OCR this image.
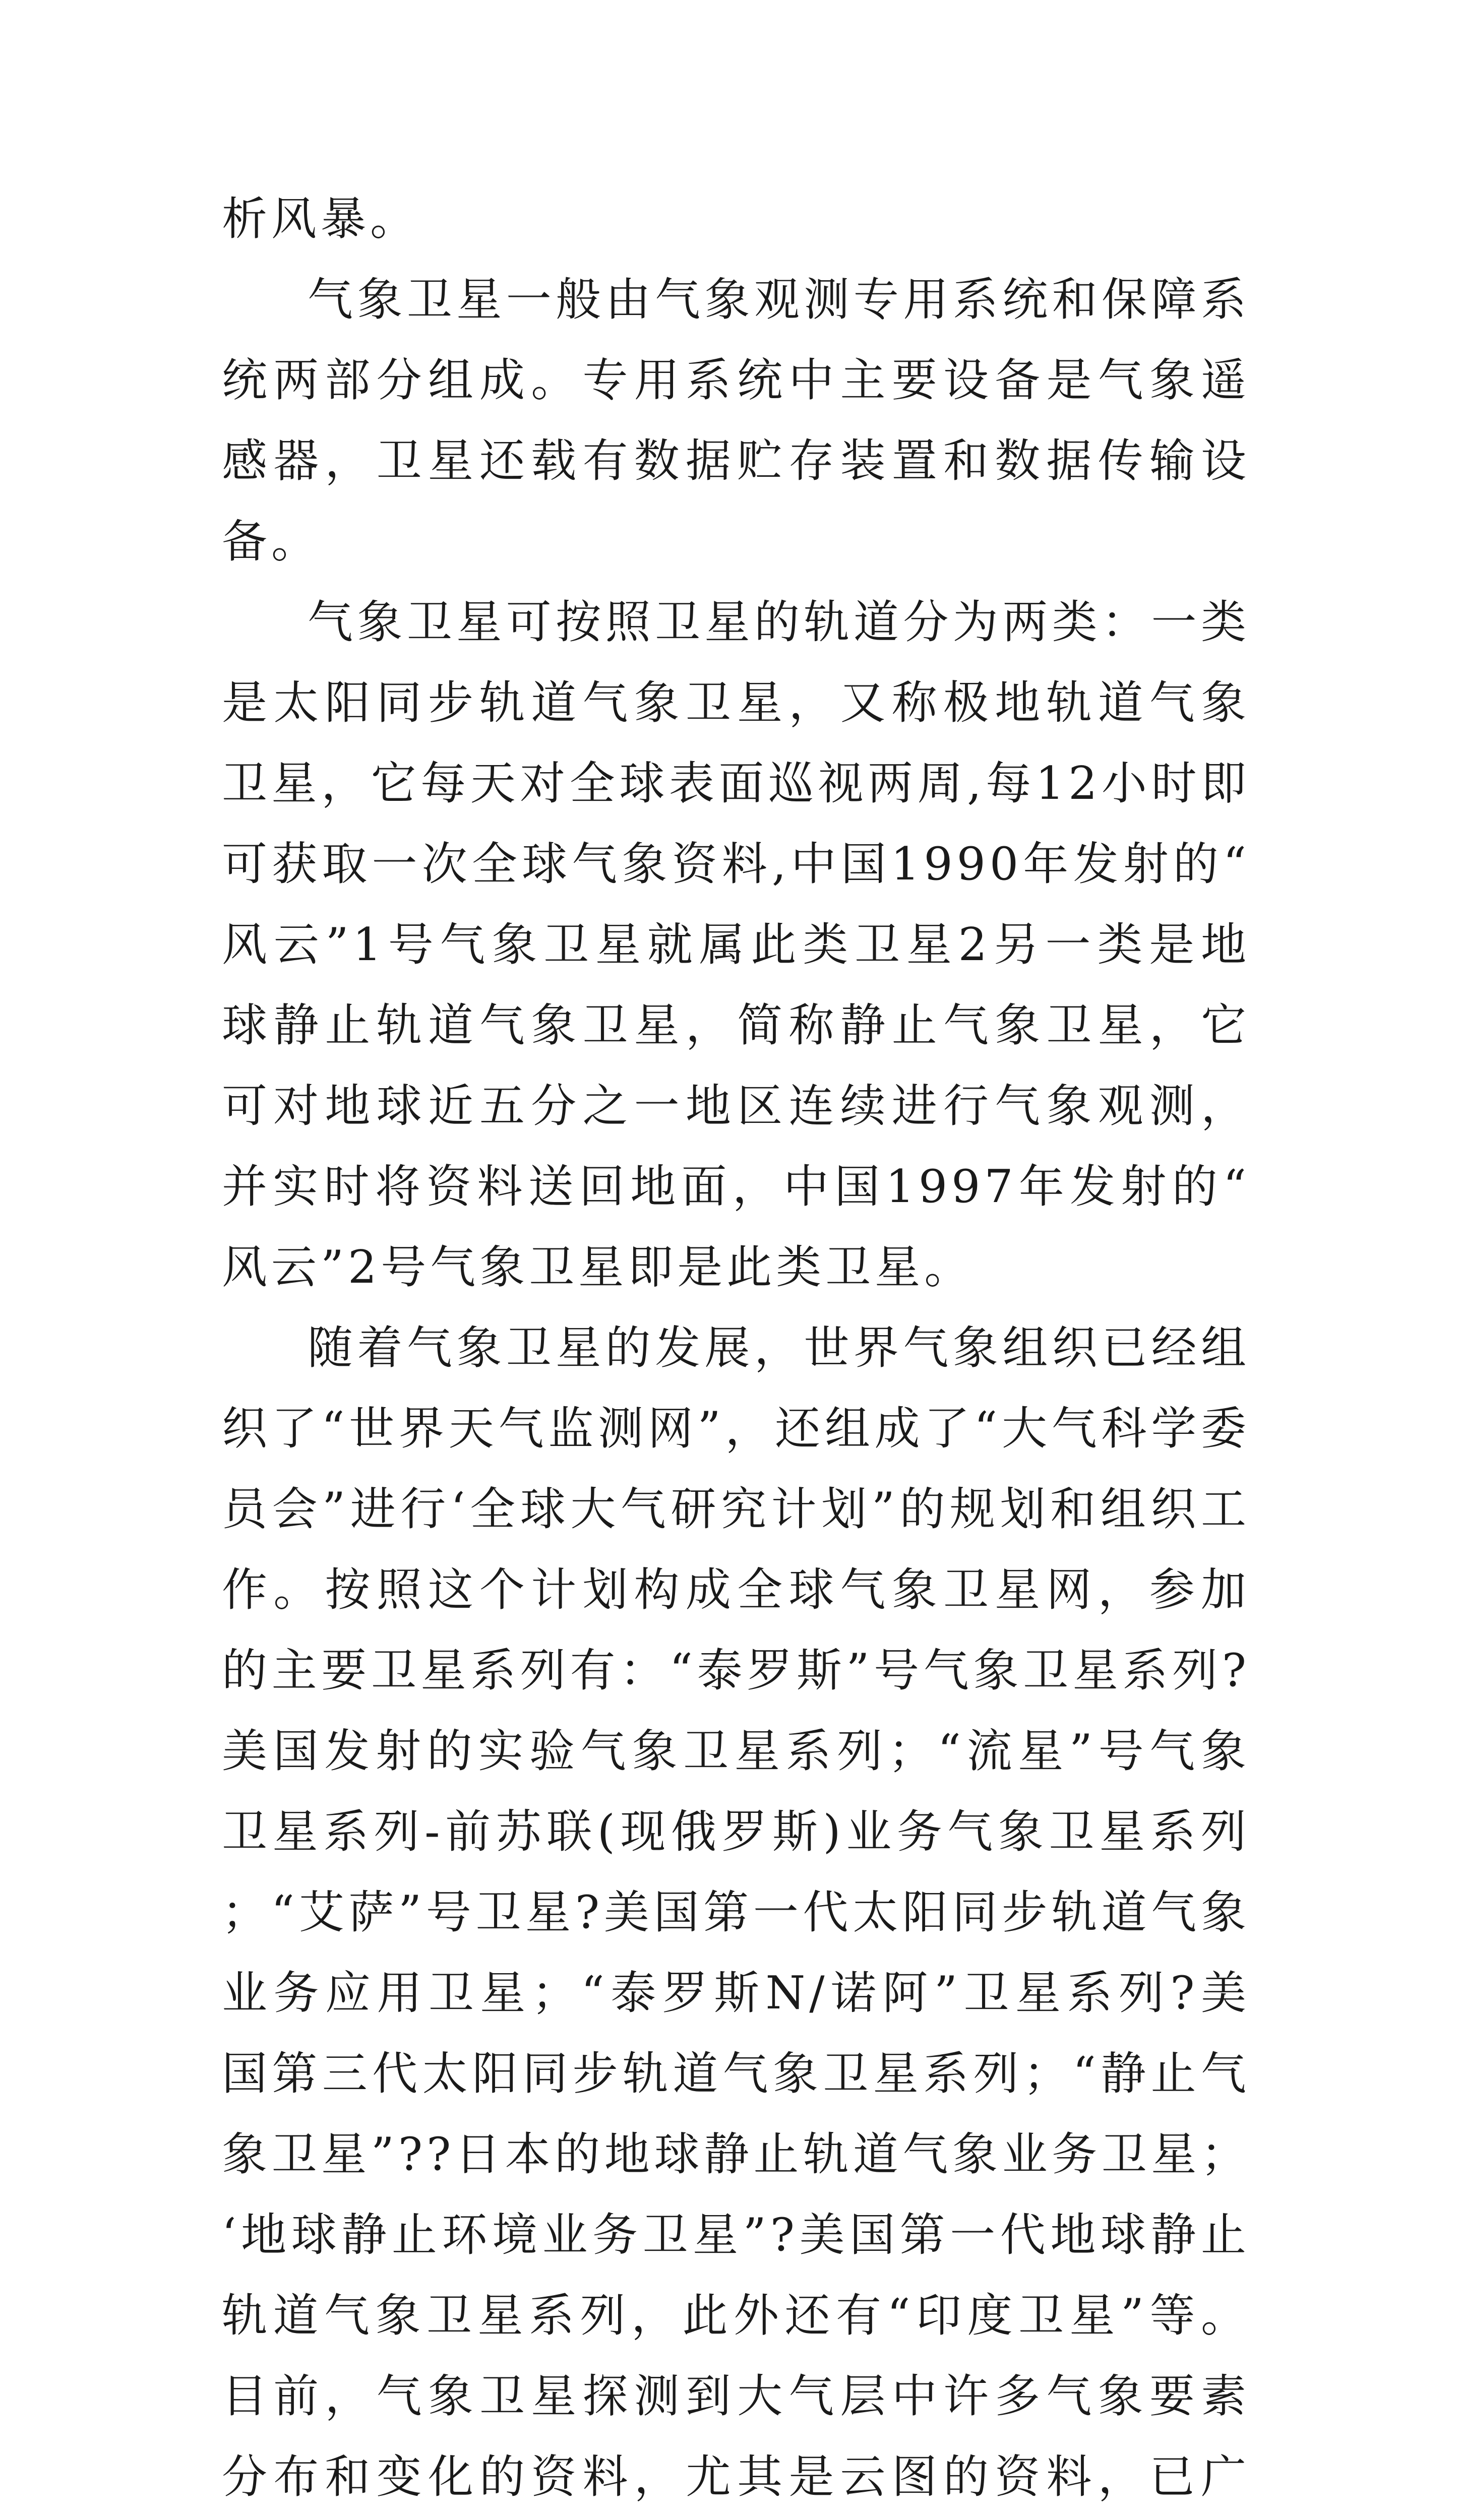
析风暴。

气象卫星一般由气象观测专用系统和保障系统两部分组成。专用系统中主要设备是气象遥感器，卫星还载有数据贮存装置和数据传输设备。

气象卫星可按照卫星的轨道分为两类：一类是太阳同步轨道气象卫星，又称极地轨道气象卫星，它每天对全球表面巡视两周,每12小时即可获取一次全球气象资料,中国1990年发射的“风云”1号气象卫星就属此类卫星2另一类是地球静止轨道气象卫星，简称静止气象卫星，它可对地球近五分之一地区连续进行气象观测，并实时将资料送回地面，中国1997年发射的“风云”2号气象卫星即是此类卫星。

随着气象卫星的发展，世界气象组织已经组织了“世界天气监测网”，还组成了“大气科学委员会”进行‘全球大气研究计划”的规划和组织工作。按照这个计划构成全球气象卫星网，参加的主要卫星系列有：“泰罗斯”号气象卫星系列?美国发射的实验气象卫星系列；“流星”号气象卫星系列-前苏联(现俄罗斯)业务气象卫星系列；“艾萨”号卫星?美国第一代太阳同步轨道气象业务应用卫星；“泰罗斯N/诺阿”卫星系列?美国第三代太阳同步轨道气象卫星系列；“静止气象卫星”??日本的地球静止轨道气象业务卫星；‘地球静止环境业务卫星”?美国第一代地球静止轨道气象卫星系列，此外还有“印度卫星”等。目前，气象卫星探测到大气层中许多气象要素分布和变化的资料，尤其是云图的资料，已广
